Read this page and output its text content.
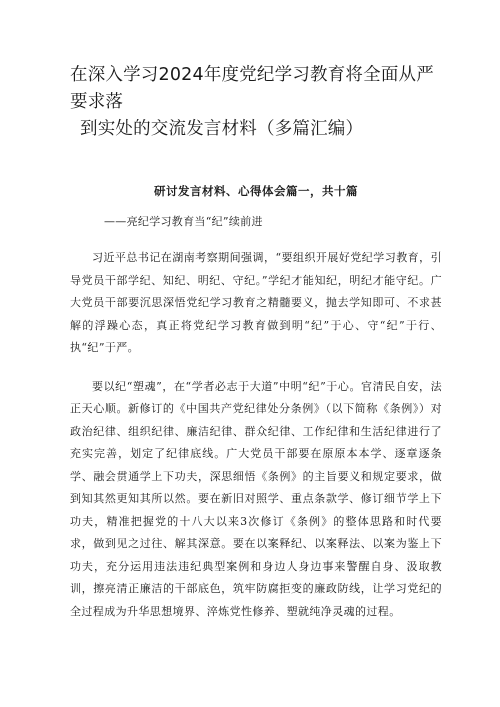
在深入学习2024年度党纪学习教育将全面从严要求落
到实处的交流发言材料（多篇汇编）
研讨发言材料、心得体会篇一，共十篇
——亮纪学习教育当“纪”续前进

习近平总书记在湖南考察期间强调，“要组织开展好党纪学习教育，引导党员干部学纪、知纪、明纪、守纪。”学纪才能知纪，明纪才能守纪。广大党员干部要沉思深悟党纪学习教育之精髓要义，抛去学知即可、不求甚解的浮躁心态，真正将党纪学习教育做到明“纪”于心、守“纪”于行、执“纪”于严。

要以纪“塑魂”，在“学者必志于大道”中明“纪”于心。官清民自安，法正天心顺。新修订的《中国共产党纪律处分条例》（以下简称《条例》）对政治纪律、组织纪律、廉洁纪律、群众纪律、工作纪律和生活纪律进行了充实完善，划定了纪律底线。广大党员干部要在原原本本学、逐章逐条学、融会贯通学上下功夫，深思细悟《条例》的主旨要义和规定要求，做到知其然更知其所以然。要在新旧对照学、重点条款学、修订细节学上下功夫，精准把握党的十八大以来3次修订《条例》的整体思路和时代要求，做到见之过往、解其深意。要在以案释纪、以案释法、以案为鉴上下功夫，充分运用违法违纪典型案例和身边人身边事来警醒自身、汲取教训，擦亮清正廉洁的干部底色，筑牢防腐拒变的廉政防线，让学习党纪的全过程成为升华思想境界、淬炼党性修养、塑就纯净灵魂的过程。
